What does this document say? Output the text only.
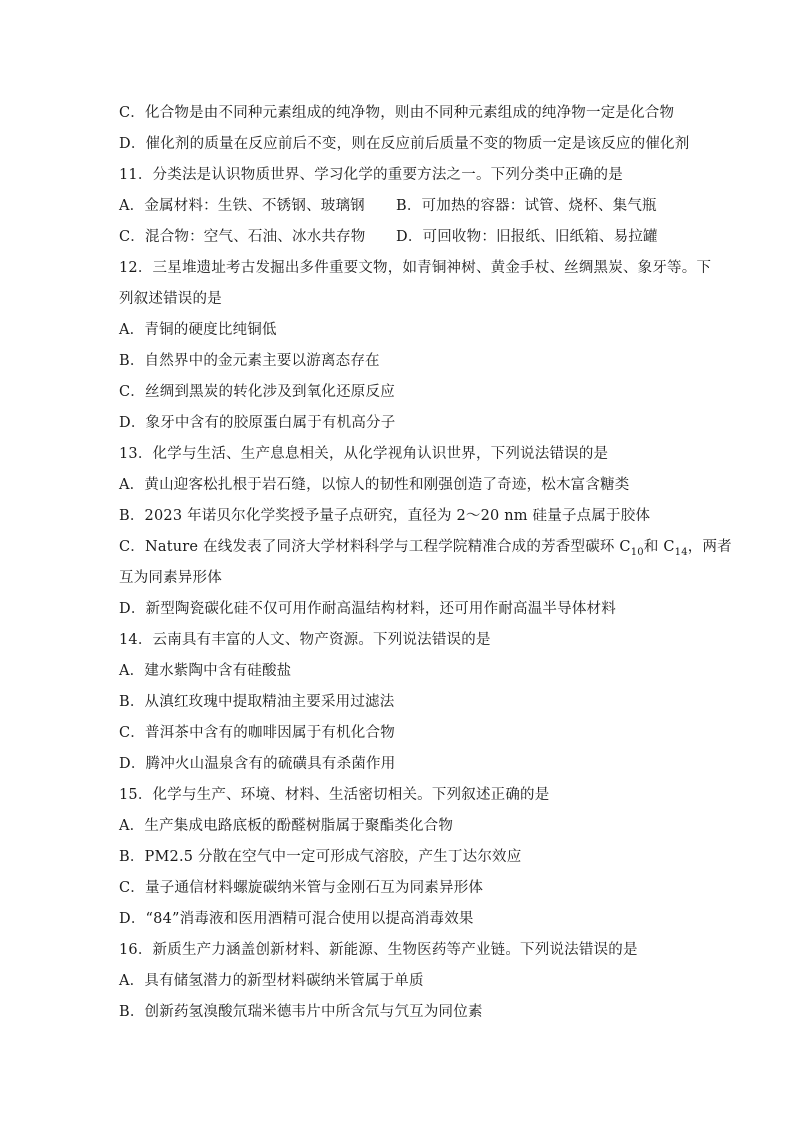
C．化合物是由不同种元素组成的纯净物，则由不同种元素组成的纯净物一定是化合物
D．催化剂的质量在反应前后不变，则在反应前后质量不变的物质一定是该反应的催化剂
11．分类法是认识物质世界、学习化学的重要方法之一。下列分类中正确的是
A．金属材料：生铁、不锈钢、玻璃钢 B．可加热的容器：试管、烧杯、集气瓶
C．混合物：空气、石油、冰水共存物 D．可回收物：旧报纸、旧纸箱、易拉罐
12．三星堆遗址考古发掘出多件重要文物，如青铜神树、黄金手杖、丝绸黑炭、象牙等。下
列叙述错误的是
A．青铜的硬度比纯铜低
B．自然界中的金元素主要以游离态存在
C．丝绸到黑炭的转化涉及到氧化还原反应
D．象牙中含有的胶原蛋白属于有机高分子
13．化学与生活、生产息息相关，从化学视角认识世界，下列说法错误的是
A．黄山迎客松扎根于岩石缝，以惊人的韧性和刚强创造了奇迹，松木富含糖类
B．2023 年诺贝尔化学奖授予量子点研究，直径为 2～20 nm 硅量子点属于胶体
C．Nature 在线发表了同济大学材料科学与工程学院精准合成的芳香型碳环 $C_{10}$和 $C_{14}$，两者
互为同素异形体
D．新型陶瓷碳化硅不仅可用作耐高温结构材料，还可用作耐高温半导体材料
14．云南具有丰富的人文、物产资源。下列说法错误的是
A．建水紫陶中含有硅酸盐
B．从滇红玫瑰中提取精油主要采用过滤法
C．普洱茶中含有的咖啡因属于有机化合物
D．腾冲火山温泉含有的硫磺具有杀菌作用
15．化学与生产、环境、材料、生活密切相关。下列叙述正确的是
A．生产集成电路底板的酚醛树脂属于聚酯类化合物
B．PM2.5 分散在空气中一定可形成气溶胶，产生丁达尔效应
C．量子通信材料螺旋碳纳米管与金刚石互为同素异形体
D．“84”消毒液和医用酒精可混合使用以提高消毒效果
16．新质生产力涵盖创新材料、新能源、生物医药等产业链。下列说法错误的是
A．具有储氢潜力的新型材料碳纳米管属于单质
B．创新药氢溴酸氘瑞米德韦片中所含氘与氕互为同位素
